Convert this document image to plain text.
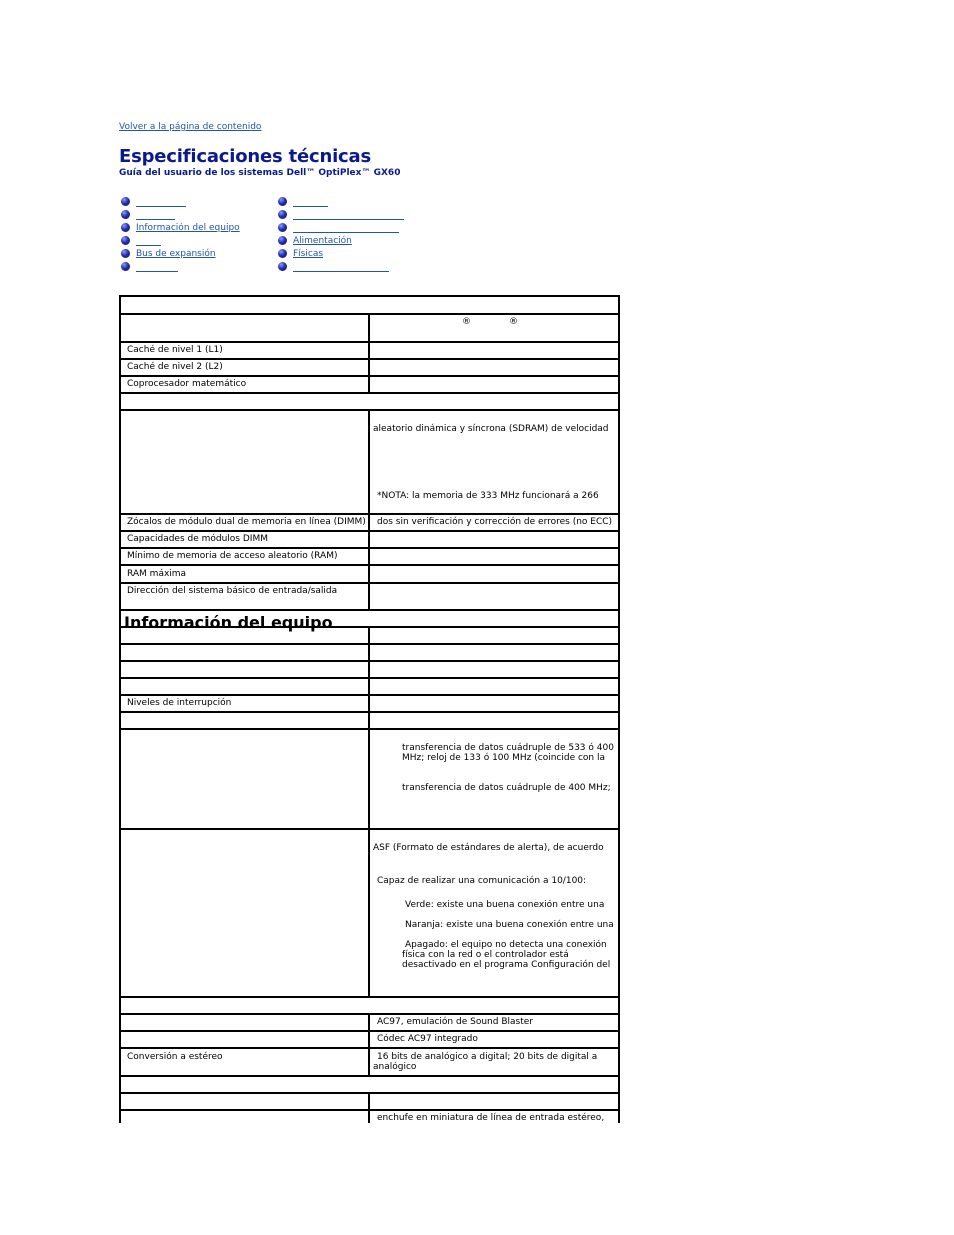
Volver a la página de contenido
Especificaciones técnicas
Guía del usuario de los sistemas Dell™ OptiPlex™ GX60
Información del equipo
Bus de expansión
Alimentación
Físicas
®	®
Caché de nivel 1 (L1)
Caché de nivel 2 (L2)
Coprocesador matemático
aleatorio dinámica y síncrona (SDRAM) de velocidad
*NOTA: la memoria de 333 MHz funcionará a 266
Zócalos de módulo dual de memoria en línea (DIMM) dos sin verificación y corrección de errores (no ECC)
Capacidades de módulos DIMM
Mínimo de memoria de acceso aleatorio (RAM)
RAM máxima
Dirección del sistema básico de entrada/salida
Información del equipo
Niveles de interrupción
transferencia de datos cuádruple de 533 ó 400
MHz; reloj de 133 ó 100 MHz (coincide con la
transferencia de datos cuádruple de 400 MHz;
ASF (Formato de estándares de alerta), de acuerdo
Capaz de realizar una comunicación a 10/100:
Verde: existe una buena conexión entre una
Naranja: existe una buena conexión entre una
Apagado: el equipo no detecta una conexión
física con la red o el controlador está
desactivado en el programa Configuración del
AC97, emulación de Sound Blaster
Códec AC97 integrado
Conversión a estéreo	16 bits de analógico a digital; 20 bits de digital a
analógico
enchufe en miniatura de línea de entrada estéreo,
